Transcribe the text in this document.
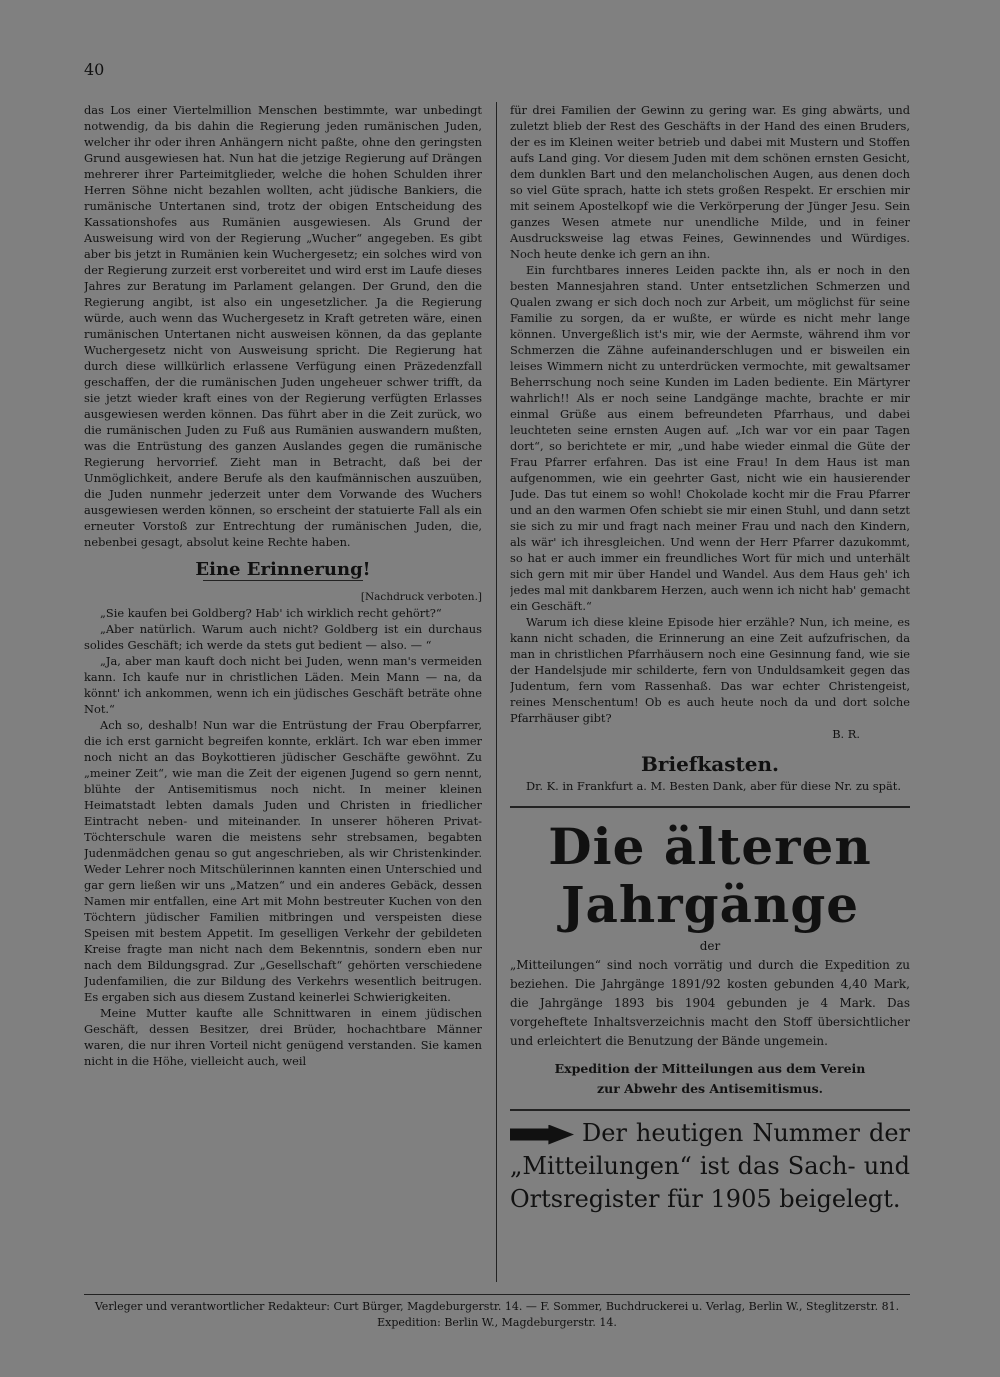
40

das Los einer Viertelmillion Menschen bestimmte, war unbedingt notwendig, da bis dahin die Regierung jeden rumänischen Juden, welcher ihr oder ihren Anhängern nicht paßte, ohne den geringsten Grund ausgewiesen hat. Nun hat die jetzige Regierung auf Drängen mehrerer ihrer Parteimitglieder, welche die hohen Schulden ihrer Herren Söhne nicht bezahlen wollten, acht jüdische Bankiers, die rumänische Untertanen sind, trotz der obigen Entscheidung des Kassationshofes aus Rumänien ausgewiesen. Als Grund der Ausweisung wird von der Regierung „Wucher“ angegeben. Es gibt aber bis jetzt in Rumänien kein Wuchergesetz; ein solches wird von der Regierung zurzeit erst vorbereitet und wird erst im Laufe dieses Jahres zur Beratung im Parlament gelangen. Der Grund, den die Regierung angibt, ist also ein ungesetzlicher. Ja die Regierung würde, auch wenn das Wuchergesetz in Kraft getreten wäre, einen rumänischen Untertanen nicht ausweisen können, da das geplante Wuchergesetz nicht von Ausweisung spricht. Die Regierung hat durch diese willkürlich erlassene Verfügung einen Präzedenzfall geschaffen, der die rumänischen Juden ungeheuer schwer trifft, da sie jetzt wieder kraft eines von der Regierung verfügten Erlasses ausgewiesen werden können. Das führt aber in die Zeit zurück, wo die rumänischen Juden zu Fuß aus Rumänien auswandern mußten, was die Entrüstung des ganzen Auslandes gegen die rumänische Regierung hervorrief. Zieht man in Betracht, daß bei der Unmöglichkeit, andere Berufe als den kaufmännischen auszuüben, die Juden nunmehr jederzeit unter dem Vorwande des Wuchers ausgewiesen werden können, so erscheint der statuierte Fall als ein erneuter Vorstoß zur Entrechtung der rumänischen Juden, die, nebenbei gesagt, absolut keine Rechte haben.

Eine Erinnerung!

[Nachdruck verboten.]

„Sie kaufen bei Goldberg? Hab' ich wirklich recht gehört?“

„Aber natürlich. Warum auch nicht? Goldberg ist ein durchaus solides Geschäft; ich werde da stets gut bedient — also. — “

„Ja, aber man kauft doch nicht bei Juden, wenn man's vermeiden kann. Ich kaufe nur in christlichen Läden. Mein Mann — na, da könnt' ich ankommen, wenn ich ein jüdisches Geschäft beträte ohne Not.“

Ach so, deshalb! Nun war die Entrüstung der Frau Oberpfarrer, die ich erst garnicht begreifen konnte, erklärt. Ich war eben immer noch nicht an das Boykottieren jüdischer Geschäfte gewöhnt. Zu „meiner Zeit“, wie man die Zeit der eigenen Jugend so gern nennt, blühte der Antisemitismus noch nicht. In meiner kleinen Heimatstadt lebten damals Juden und Christen in friedlicher Eintracht neben- und miteinander. In unserer höheren Privat-Töchterschule waren die meistens sehr strebsamen, begabten Judenmädchen genau so gut angeschrieben, als wir Christenkinder. Weder Lehrer noch Mitschülerinnen kannten einen Unterschied und gar gern ließen wir uns „Matzen“ und ein anderes Gebäck, dessen Namen mir entfallen, eine Art mit Mohn bestreuter Kuchen von den Töchtern jüdischer Familien mitbringen und verspeisten diese Speisen mit bestem Appetit. Im geselligen Verkehr der gebildeten Kreise fragte man nicht nach dem Bekenntnis, sondern eben nur nach dem Bildungsgrad. Zur „Gesellschaft“ gehörten verschiedene Judenfamilien, die zur Bildung des Verkehrs wesentlich beitrugen. Es ergaben sich aus diesem Zustand keinerlei Schwierigkeiten.

Meine Mutter kaufte alle Schnittwaren in einem jüdischen Geschäft, dessen Besitzer, drei Brüder, hochachtbare Männer waren, die nur ihren Vorteil nicht genügend verstanden. Sie kamen nicht in die Höhe, vielleicht auch, weil

für drei Familien der Gewinn zu gering war. Es ging abwärts, und zuletzt blieb der Rest des Geschäfts in der Hand des einen Bruders, der es im Kleinen weiter betrieb und dabei mit Mustern und Stoffen aufs Land ging. Vor diesem Juden mit dem schönen ernsten Gesicht, dem dunklen Bart und den melancholischen Augen, aus denen doch so viel Güte sprach, hatte ich stets großen Respekt. Er erschien mir mit seinem Apostelkopf wie die Verkörperung der Jünger Jesu. Sein ganzes Wesen atmete nur unendliche Milde, und in feiner Ausdrucksweise lag etwas Feines, Gewinnendes und Würdiges. Noch heute denke ich gern an ihn.

Ein furchtbares inneres Leiden packte ihn, als er noch in den besten Mannesjahren stand. Unter entsetzlichen Schmerzen und Qualen zwang er sich doch noch zur Arbeit, um möglichst für seine Familie zu sorgen, da er wußte, er würde es nicht mehr lange können. Unvergeßlich ist's mir, wie der Aermste, während ihm vor Schmerzen die Zähne aufeinanderschlugen und er bisweilen ein leises Wimmern nicht zu unterdrücken vermochte, mit gewaltsamer Beherrschung noch seine Kunden im Laden bediente. Ein Märtyrer wahrlich!! Als er noch seine Landgänge machte, brachte er mir einmal Grüße aus einem befreundeten Pfarrhaus, und dabei leuchteten seine ernsten Augen auf. „Ich war vor ein paar Tagen dort“, so berichtete er mir, „und habe wieder einmal die Güte der Frau Pfarrer erfahren. Das ist eine Frau! In dem Haus ist man aufgenommen, wie ein geehrter Gast, nicht wie ein hausierender Jude. Das tut einem so wohl! Chokolade kocht mir die Frau Pfarrer und an den warmen Ofen schiebt sie mir einen Stuhl, und dann setzt sie sich zu mir und fragt nach meiner Frau und nach den Kindern, als wär' ich ihresgleichen. Und wenn der Herr Pfarrer dazukommt, so hat er auch immer ein freundliches Wort für mich und unterhält sich gern mit mir über Handel und Wandel. Aus dem Haus geh' ich jedes mal mit dankbarem Herzen, auch wenn ich nicht hab' gemacht ein Geschäft.“

Warum ich diese kleine Episode hier erzähle? Nun, ich meine, es kann nicht schaden, die Erinnerung an eine Zeit aufzufrischen, da man in christlichen Pfarrhäusern noch eine Gesinnung fand, wie sie der Handelsjude mir schilderte, fern von Unduldsamkeit gegen das Judentum, fern vom Rassenhaß. Das war echter Christengeist, reines Menschentum! Ob es auch heute noch da und dort solche Pfarrhäuser gibt?

B. R.

Briefkasten.

Dr. K. in Frankfurt a. M. Besten Dank, aber für diese Nr. zu spät.

Die älteren Jahrgänge
der
„Mitteilungen“ sind noch vorrätig und durch die Expedition zu beziehen. Die Jahrgänge 1891/92 kosten gebunden 4,40 Mark, die Jahrgänge 1893 bis 1904 gebunden je 4 Mark. Das vorgeheftete Inhaltsverzeichnis macht den Stoff übersichtlicher und erleichtert die Benutzung der Bände ungemein.
Expedition der Mitteilungen aus dem Verein
zur Abwehr des Antisemitismus.
Der heutigen Nummer der „Mitteilungen“ ist das Sach- und Ortsregister für 1905 beigelegt.
Verleger und verantwortlicher Redakteur: Curt Bürger, Magdeburgerstr. 14. — F. Sommer, Buchdruckerei u. Verlag, Berlin W., Steglitzerstr. 81.
Expedition: Berlin W., Magdeburgerstr. 14.
